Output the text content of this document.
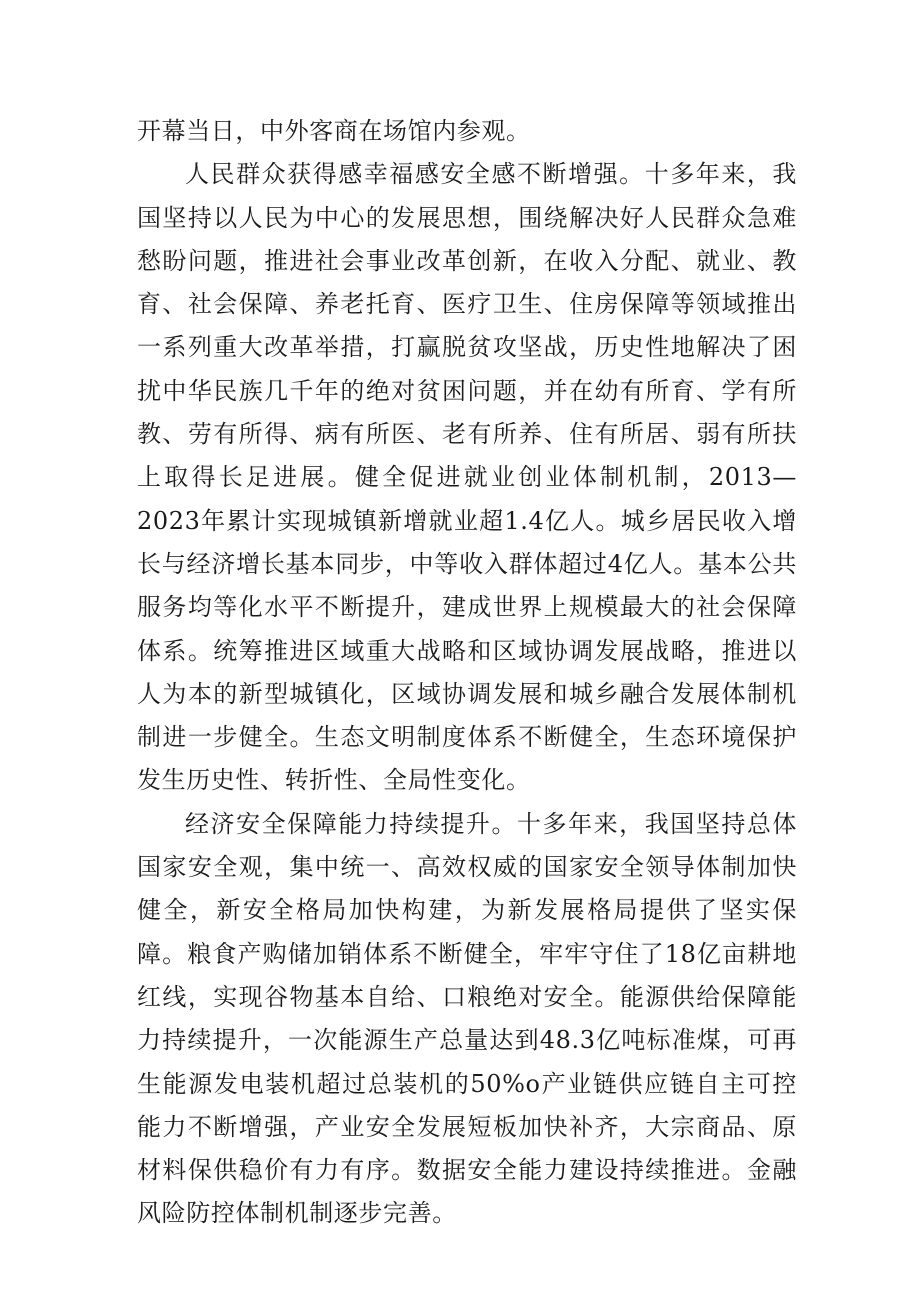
开幕当日，中外客商在场馆内参观。

人民群众获得感幸福感安全感不断增强。十多年来，我国坚持以人民为中心的发展思想，围绕解决好人民群众急难愁盼问题，推进社会事业改革创新，在收入分配、就业、教育、社会保障、养老托育、医疗卫生、住房保障等领域推出一系列重大改革举措，打赢脱贫攻坚战，历史性地解决了困扰中华民族几千年的绝对贫困问题，并在幼有所育、学有所教、劳有所得、病有所医、老有所养、住有所居、弱有所扶上取得长足进展。健全促进就业创业体制机制，2013—2023年累计实现城镇新增就业超1.4亿人。城乡居民收入增长与经济增长基本同步，中等收入群体超过4亿人。基本公共服务均等化水平不断提升，建成世界上规模最大的社会保障体系。统筹推进区域重大战略和区域协调发展战略，推进以人为本的新型城镇化，区域协调发展和城乡融合发展体制机制进一步健全。生态文明制度体系不断健全，生态环境保护发生历史性、转折性、全局性变化。

经济安全保障能力持续提升。十多年来，我国坚持总体国家安全观，集中统一、高效权威的国家安全领导体制加快健全，新安全格局加快构建，为新发展格局提供了坚实保障。粮食产购储加销体系不断健全，牢牢守住了18亿亩耕地红线，实现谷物基本自给、口粮绝对安全。能源供给保障能力持续提升，一次能源生产总量达到48.3亿吨标准煤，可再生能源发电装机超过总装机的50%o产业链供应链自主可控能力不断增强，产业安全发展短板加快补齐，大宗商品、原材料保供稳价有力有序。数据安全能力建设持续推进。金融风险防控体制机制逐步完善。
